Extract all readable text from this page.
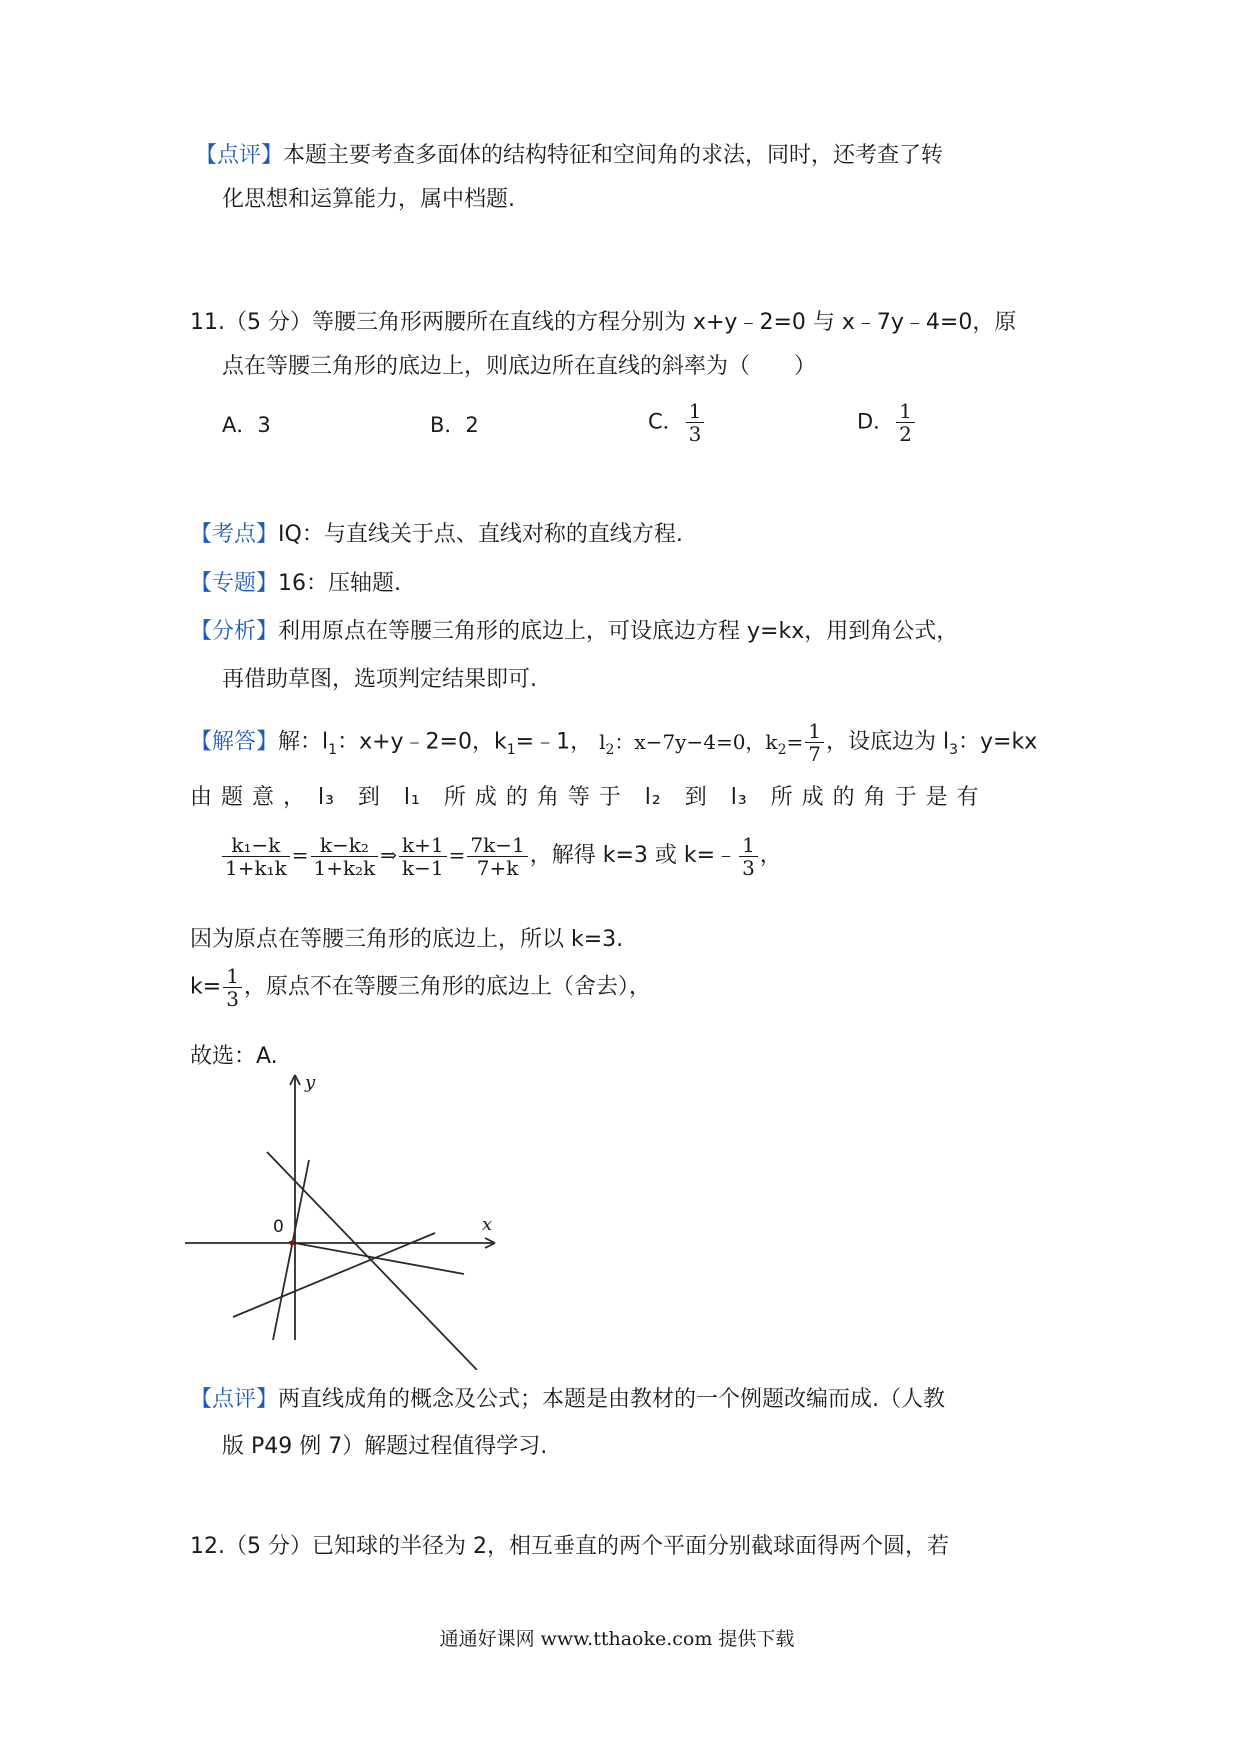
【点评】本题主要考查多面体的结构特征和空间角的求法，同时，还考查了转
化思想和运算能力，属中档题.
11.（5 分）等腰三角形两腰所在直线的方程分别为 x+y﹣2=0 与 x﹣7y﹣4=0，原
点在等腰三角形的底边上，则底边所在直线的斜率为（　　）
A．3	B．2	C． $\frac{1}{3}$	D． $\frac{1}{2}$
【考点】IQ：与直线关于点、直线对称的直线方程.
【专题】16：压轴题.
【分析】利用原点在等腰三角形的底边上，可设底边方程 y=kx，用到角公式，
再借助草图，选项判定结果即可.
【解答】解：$l_1$：x+y﹣2=0，$k_1=﹣1$， $l_2$：x−7y−4=0，$k_2= \frac{1}{7}$ ，设底边为 $l_3$：y=kx
由 题 意 ，　l₃　到　l₁　所 成 的 角 等 于　l₂　到　l₃　所 成 的 角 于 是 有
$\frac{\text{k₁−k}}{\text{1+k₁k}} = \frac{\text{k−k₂}}{\text{1+k₂k}}$ ⇒ $\frac{k+1}{k-1} = \frac{7k-1}{7+k}$ ，解得 k=3 或 k=﹣ $\frac{1}{3}$ ，
因为原点在等腰三角形的底边上，所以 k=3.
$k= \frac{1}{3}$ ，原点不在等腰三角形的底边上（舍去），
故选：A.
y
x
0
【点评】两直线成角的概念及公式；本题是由教材的一个例题改编而成.（人教
版 P49 例 7）解题过程值得学习.
12.（5 分）已知球的半径为 2，相互垂直的两个平面分别截球面得两个圆，若
通通好课网 www.tthaoke.com 提供下载
